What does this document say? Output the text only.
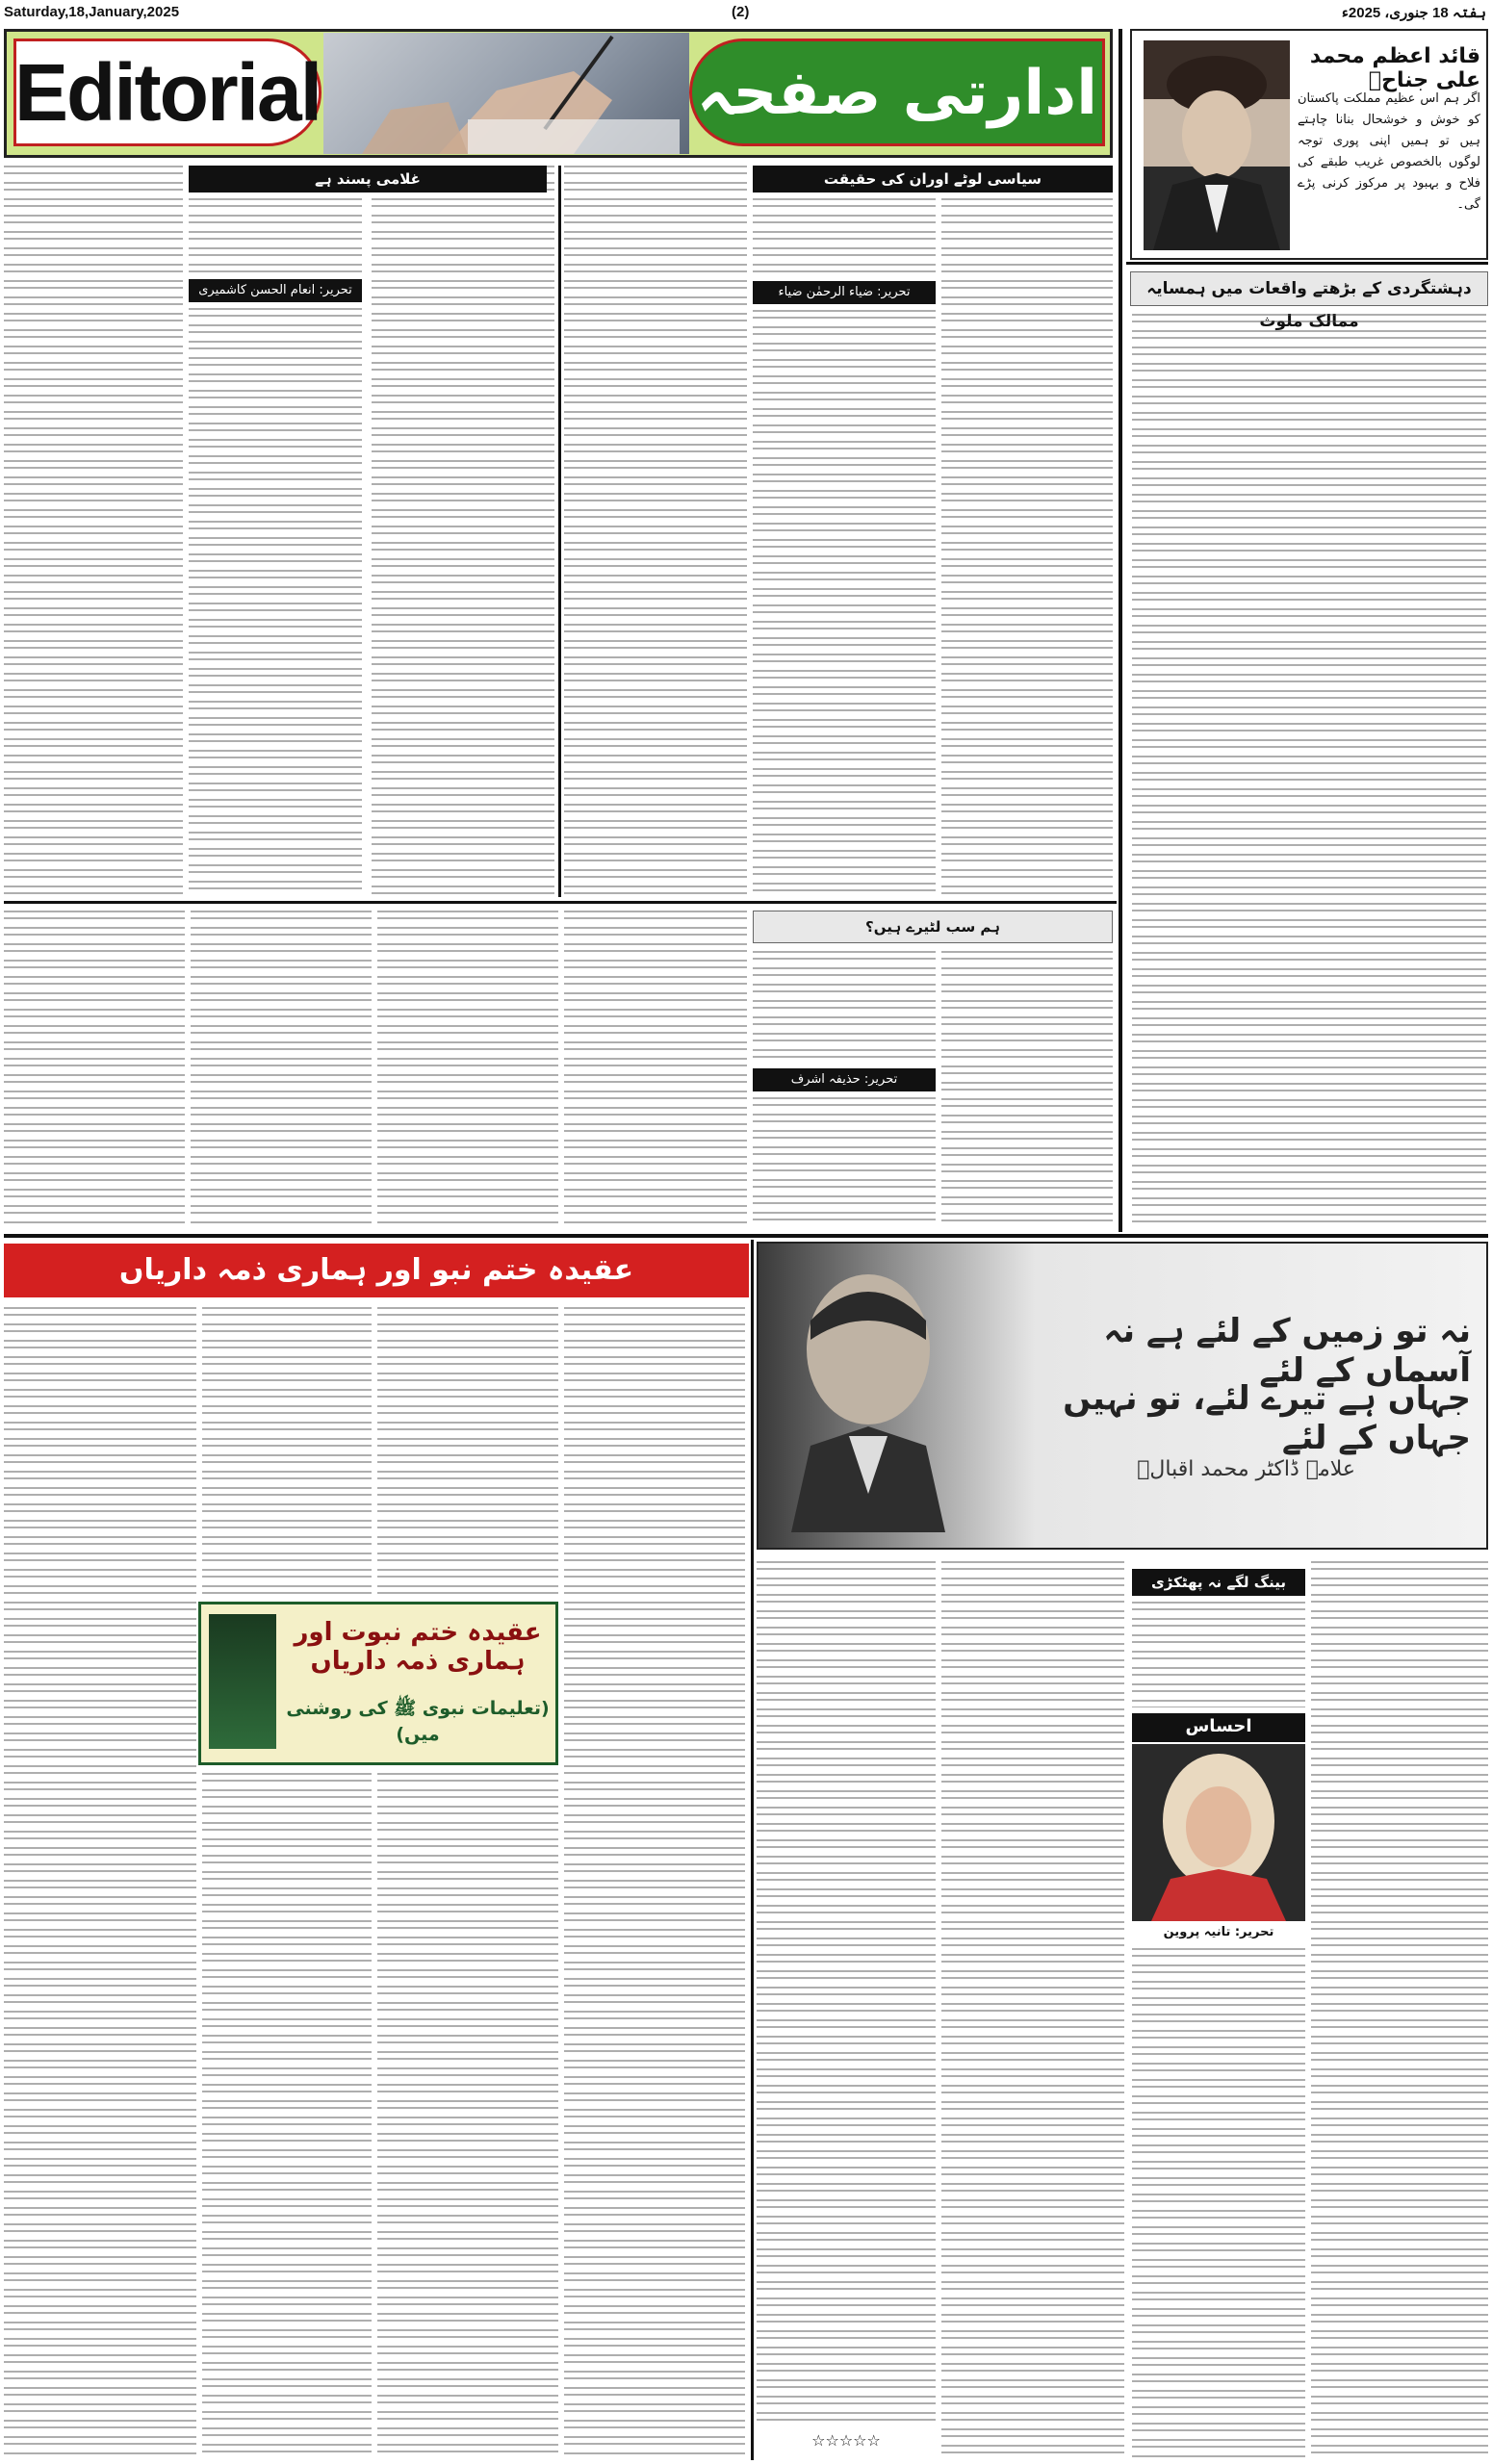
Saturday,18,January,2025	(2)	ہفتہ 18 جنوری، 2025ء
Editorial	ادارتی صفحہ
قائد اعظم محمد علی جناحؒ
اگر ہم اس عظیم مملکت پاکستان کو خوش و خوشحال بنانا چاہتے ہیں تو ہمیں اپنی پوری توجہ لوگوں بالخصوص غریب طبقے کی فلاح و بہبود پر مرکوز کرنی پڑے گی۔
دہشتگردی کے بڑھتے واقعات میں ہمسایہ ممالک ملوث
سیاسی لوٹے اوران کی حقیقت
تحریر: ضیاء الرحمٰن ضیاء
غلامی پسند ہے
تحریر: انعام الحسن کاشمیری
ہم سب لٹیرے ہیں؟
تحریر: حذیفہ اشرف
عقیدہ ختم نبو اور ہماری ذمہ داریاں
عقیدہ ختم نبوت اور ہماری ذمہ داریاں
(تعلیمات نبوی ﷺ کی روشنی میں)
نہ تو زمیں کے لئے ہے نہ آسماں کے لئے
جہاں ہے تیرے لئے، تو نہیں جہاں کے لئے
علامہ ڈاکٹر محمد اقبالؒ
بینگ لگے نہ پھٹکڑی
احساس
تحریر: تانیہ پروین
☆☆☆☆☆
